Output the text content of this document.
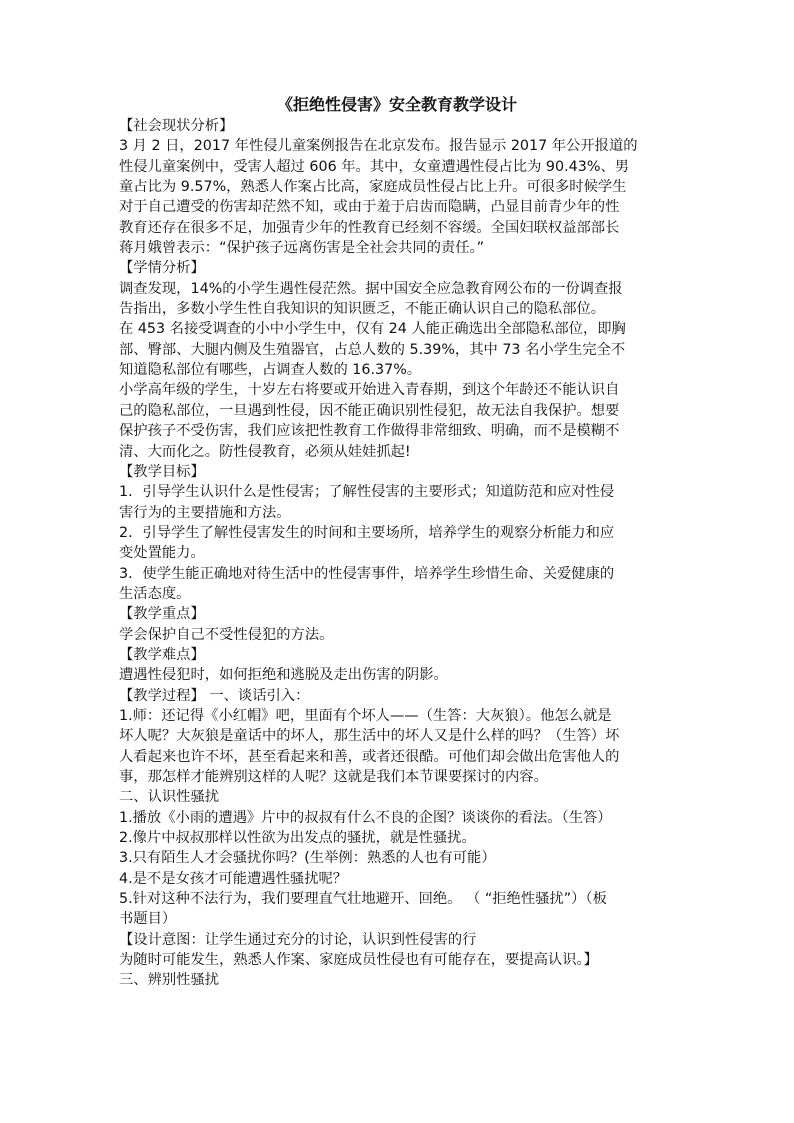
《拒绝性侵害》安全教育教学设计

【社会现状分析】

3 月 2 日，2017 年性侵儿童案例报告在北京发布。报告显示 2017 年公开报道的

性侵儿童案例中，受害人超过 606 年。其中，女童遭遇性侵占比为 90.43%、男

童占比为 9.57%，熟悉人作案占比高，家庭成员性侵占比上升。可很多时候学生

对于自己遭受的伤害却茫然不知，或由于羞于启齿而隐瞒，凸显目前青少年的性

教育还存在很多不足，加强青少年的性教育已经刻不容缓。全国妇联权益部部长

蒋月娥曾表示：“保护孩子远离伤害是全社会共同的责任。”

【学情分析】

调查发现，14%的小学生遇性侵茫然。据中国安全应急教育网公布的一份调查报

告指出，多数小学生性自我知识的知识匮乏，不能正确认识自己的隐私部位。

在 453 名接受调查的小中小学生中，仅有 24 人能正确选出全部隐私部位，即胸

部、臀部、大腿内侧及生殖器官，占总人数的 5.39%，其中 73 名小学生完全不

知道隐私部位有哪些，占调查人数的 16.37%。

小学高年级的学生，十岁左右将要或开始进入青春期，到这个年龄还不能认识自

己的隐私部位，一旦遇到性侵，因不能正确识别性侵犯，故无法自我保护。想要

保护孩子不受伤害，我们应该把性教育工作做得非常细致、明确，而不是模糊不

清、大而化之。防性侵教育，必须从娃娃抓起!

【教学目标】

1．引导学生认识什么是性侵害；了解性侵害的主要形式；知道防范和应对性侵

害行为的主要措施和方法。

2．引导学生了解性侵害发生的时间和主要场所，培养学生的观察分析能力和应

变处置能力。

3．使学生能正确地对待生活中的性侵害事件，培养学生珍惜生命、关爱健康的

生活态度。

【教学重点】

学会保护自己不受性侵犯的方法。

【教学难点】

遭遇性侵犯时，如何拒绝和逃脱及走出伤害的阴影。

【教学过程】 一、谈话引入：

1.师：还记得《小红帽》吧，里面有个坏人——（生答：大灰狼）。他怎么就是

坏人呢？大灰狼是童话中的坏人，那生活中的坏人又是什么样的吗？（生答）坏

人看起来也许不坏，甚至看起来和善，或者还很酷。可他们却会做出危害他人的

事，那怎样才能辨别这样的人呢？这就是我们本节课要探讨的内容。

二、认识性骚扰

1.播放《小雨的遭遇》片中的叔叔有什么不良的企图？谈谈你的看法。（生答）

2.像片中叔叔那样以性欲为出发点的骚扰，就是性骚扰。

3.只有陌生人才会骚扰你吗？(生举例：熟悉的人也有可能）

4.是不是女孩才可能遭遇性骚扰呢？

5.针对这种不法行为，我们要理直气壮地避开、回绝。 （ “拒绝性骚扰”）（板

书题目）

【设计意图：让学生通过充分的讨论，认识到性侵害的行

为随时可能发生，熟悉人作案、家庭成员性侵也有可能存在，要提高认识。】

三、辨别性骚扰
